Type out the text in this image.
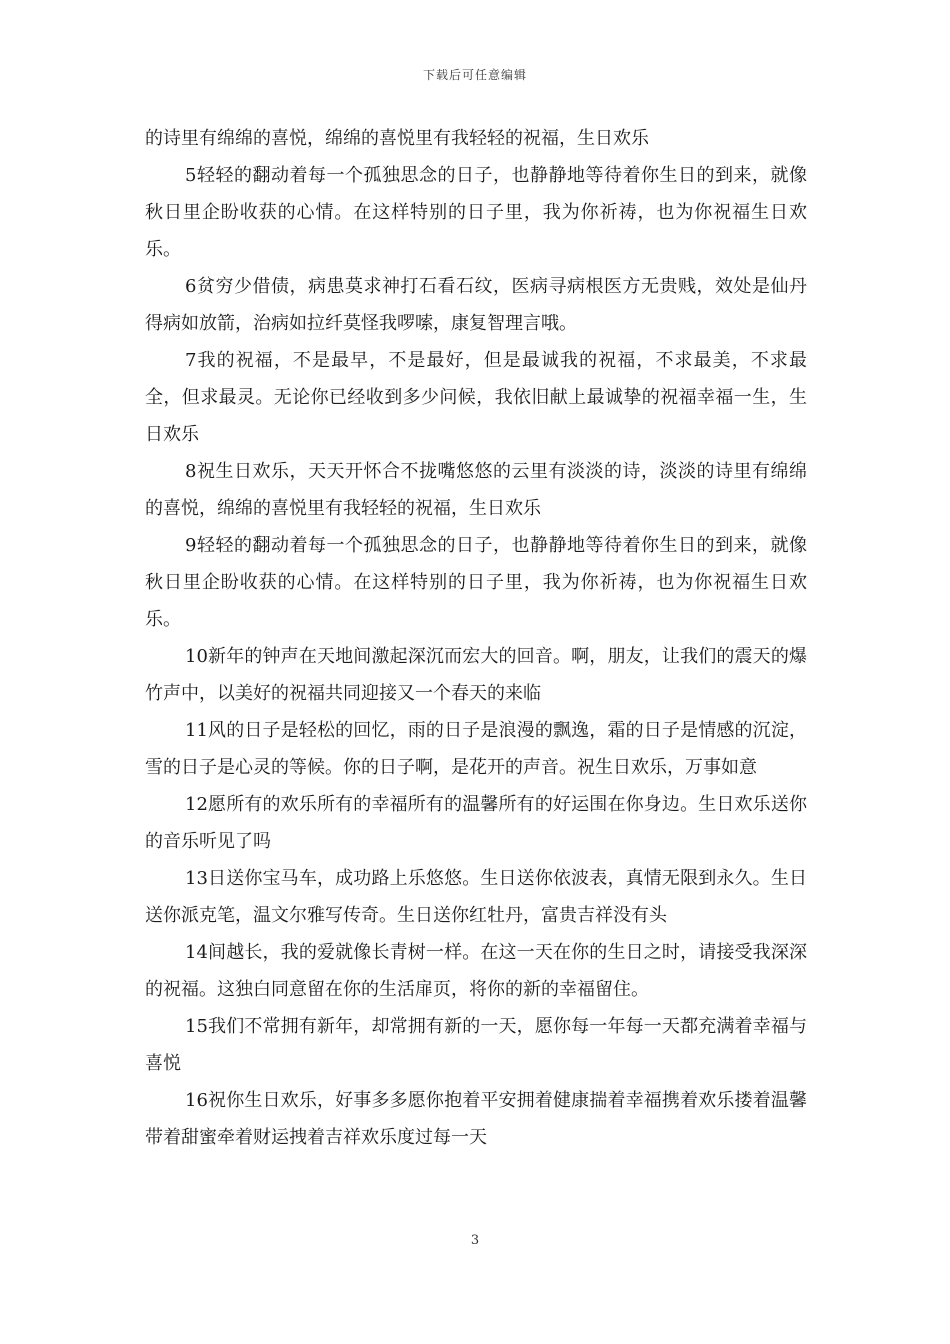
下载后可任意编辑

的诗里有绵绵的喜悦，绵绵的喜悦里有我轻轻的祝福，生日欢乐

5轻轻的翻动着每一个孤独思念的日子，也静静地等待着你生日的到来，就像秋日里企盼收获的心情。在这样特别的日子里，我为你祈祷，也为你祝福生日欢乐。

6贫穷少借债，病患莫求神打石看石纹，医病寻病根医方无贵贱，效处是仙丹得病如放箭，治病如拉纤莫怪我啰嗦，康复智理言哦。

7我的祝福，不是最早，不是最好，但是最诚我的祝福，不求最美，不求最全，但求最灵。无论你已经收到多少问候，我依旧献上最诚挚的祝福幸福一生，生日欢乐

8祝生日欢乐，天天开怀合不拢嘴悠悠的云里有淡淡的诗，淡淡的诗里有绵绵的喜悦，绵绵的喜悦里有我轻轻的祝福，生日欢乐

9轻轻的翻动着每一个孤独思念的日子，也静静地等待着你生日的到来，就像秋日里企盼收获的心情。在这样特别的日子里，我为你祈祷，也为你祝福生日欢乐。

10新年的钟声在天地间激起深沉而宏大的回音。啊，朋友，让我们的震天的爆竹声中，以美好的祝福共同迎接又一个春天的来临

11风的日子是轻松的回忆，雨的日子是浪漫的飘逸，霜的日子是情感的沉淀，雪的日子是心灵的等候。你的日子啊，是花开的声音。祝生日欢乐，万事如意

12愿所有的欢乐所有的幸福所有的温馨所有的好运围在你身边。生日欢乐送你的音乐听见了吗

13日送你宝马车，成功路上乐悠悠。生日送你依波表，真情无限到永久。生日送你派克笔，温文尔雅写传奇。生日送你红牡丹，富贵吉祥没有头

14间越长，我的爱就像长青树一样。在这一天在你的生日之时，请接受我深深的祝福。这独白同意留在你的生活扉页，将你的新的幸福留住。

15我们不常拥有新年，却常拥有新的一天，愿你每一年每一天都充满着幸福与喜悦

16祝你生日欢乐，好事多多愿你抱着平安拥着健康揣着幸福携着欢乐搂着温馨带着甜蜜牵着财运拽着吉祥欢乐度过每一天

3
